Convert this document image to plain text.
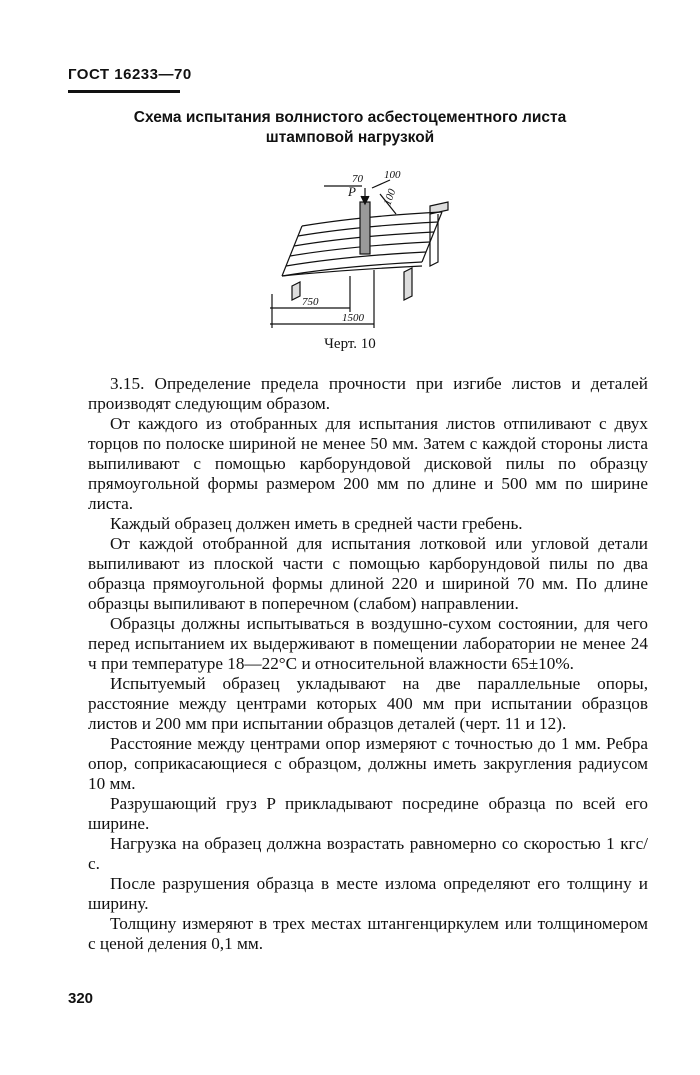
ГОСТ 16233—70
Схема испытания волнистого асбестоцементного листа
штамповой нагрузкой
70 100
100
P
750
1500
Черт. 10

3.15. Определение предела прочности при изгибе листов и деталей производят следующим образом.

От каждого из отобранных для испытания листов отпиливают с двух торцов по полоске шириной не менее 50 мм. Затем с каждой стороны листа выпиливают с помощью карборундовой дисковой пилы по образцу прямоугольной формы размером 200 мм по длине и 500 мм по ширине листа.

Каждый образец должен иметь в средней части гребень.

От каждой отобранной для испытания лотковой или угловой детали выпиливают из плоской части с помощью карборундовой пилы по два образца прямоугольной формы длиной 220 и шириной 70 мм. По длине образцы выпиливают в поперечном (слабом) направлении.

Образцы должны испытываться в воздушно-сухом состоянии, для чего перед испытанием их выдерживают в помещении лаборатории не менее 24 ч при температуре 18—22°С и относительной влажности 65±10%.

Испытуемый образец укладывают на две параллельные опоры, расстояние между центрами которых 400 мм при испытании образцов листов и 200 мм при испытании образцов деталей (черт. 11 и 12).

Расстояние между центрами опор измеряют с точностью до 1 мм. Ребра опор, соприкасающиеся с образцом, должны иметь закругления радиусом 10 мм.

Разрушающий груз P прикладывают посредине образца по всей его ширине.

Нагрузка на образец должна возрастать равномерно со скоростью 1 кгс/с.

После разрушения образца в месте излома определяют его толщину и ширину.

Толщину измеряют в трех местах штангенциркулем или толщиномером с ценой деления 0,1 мм.

320
